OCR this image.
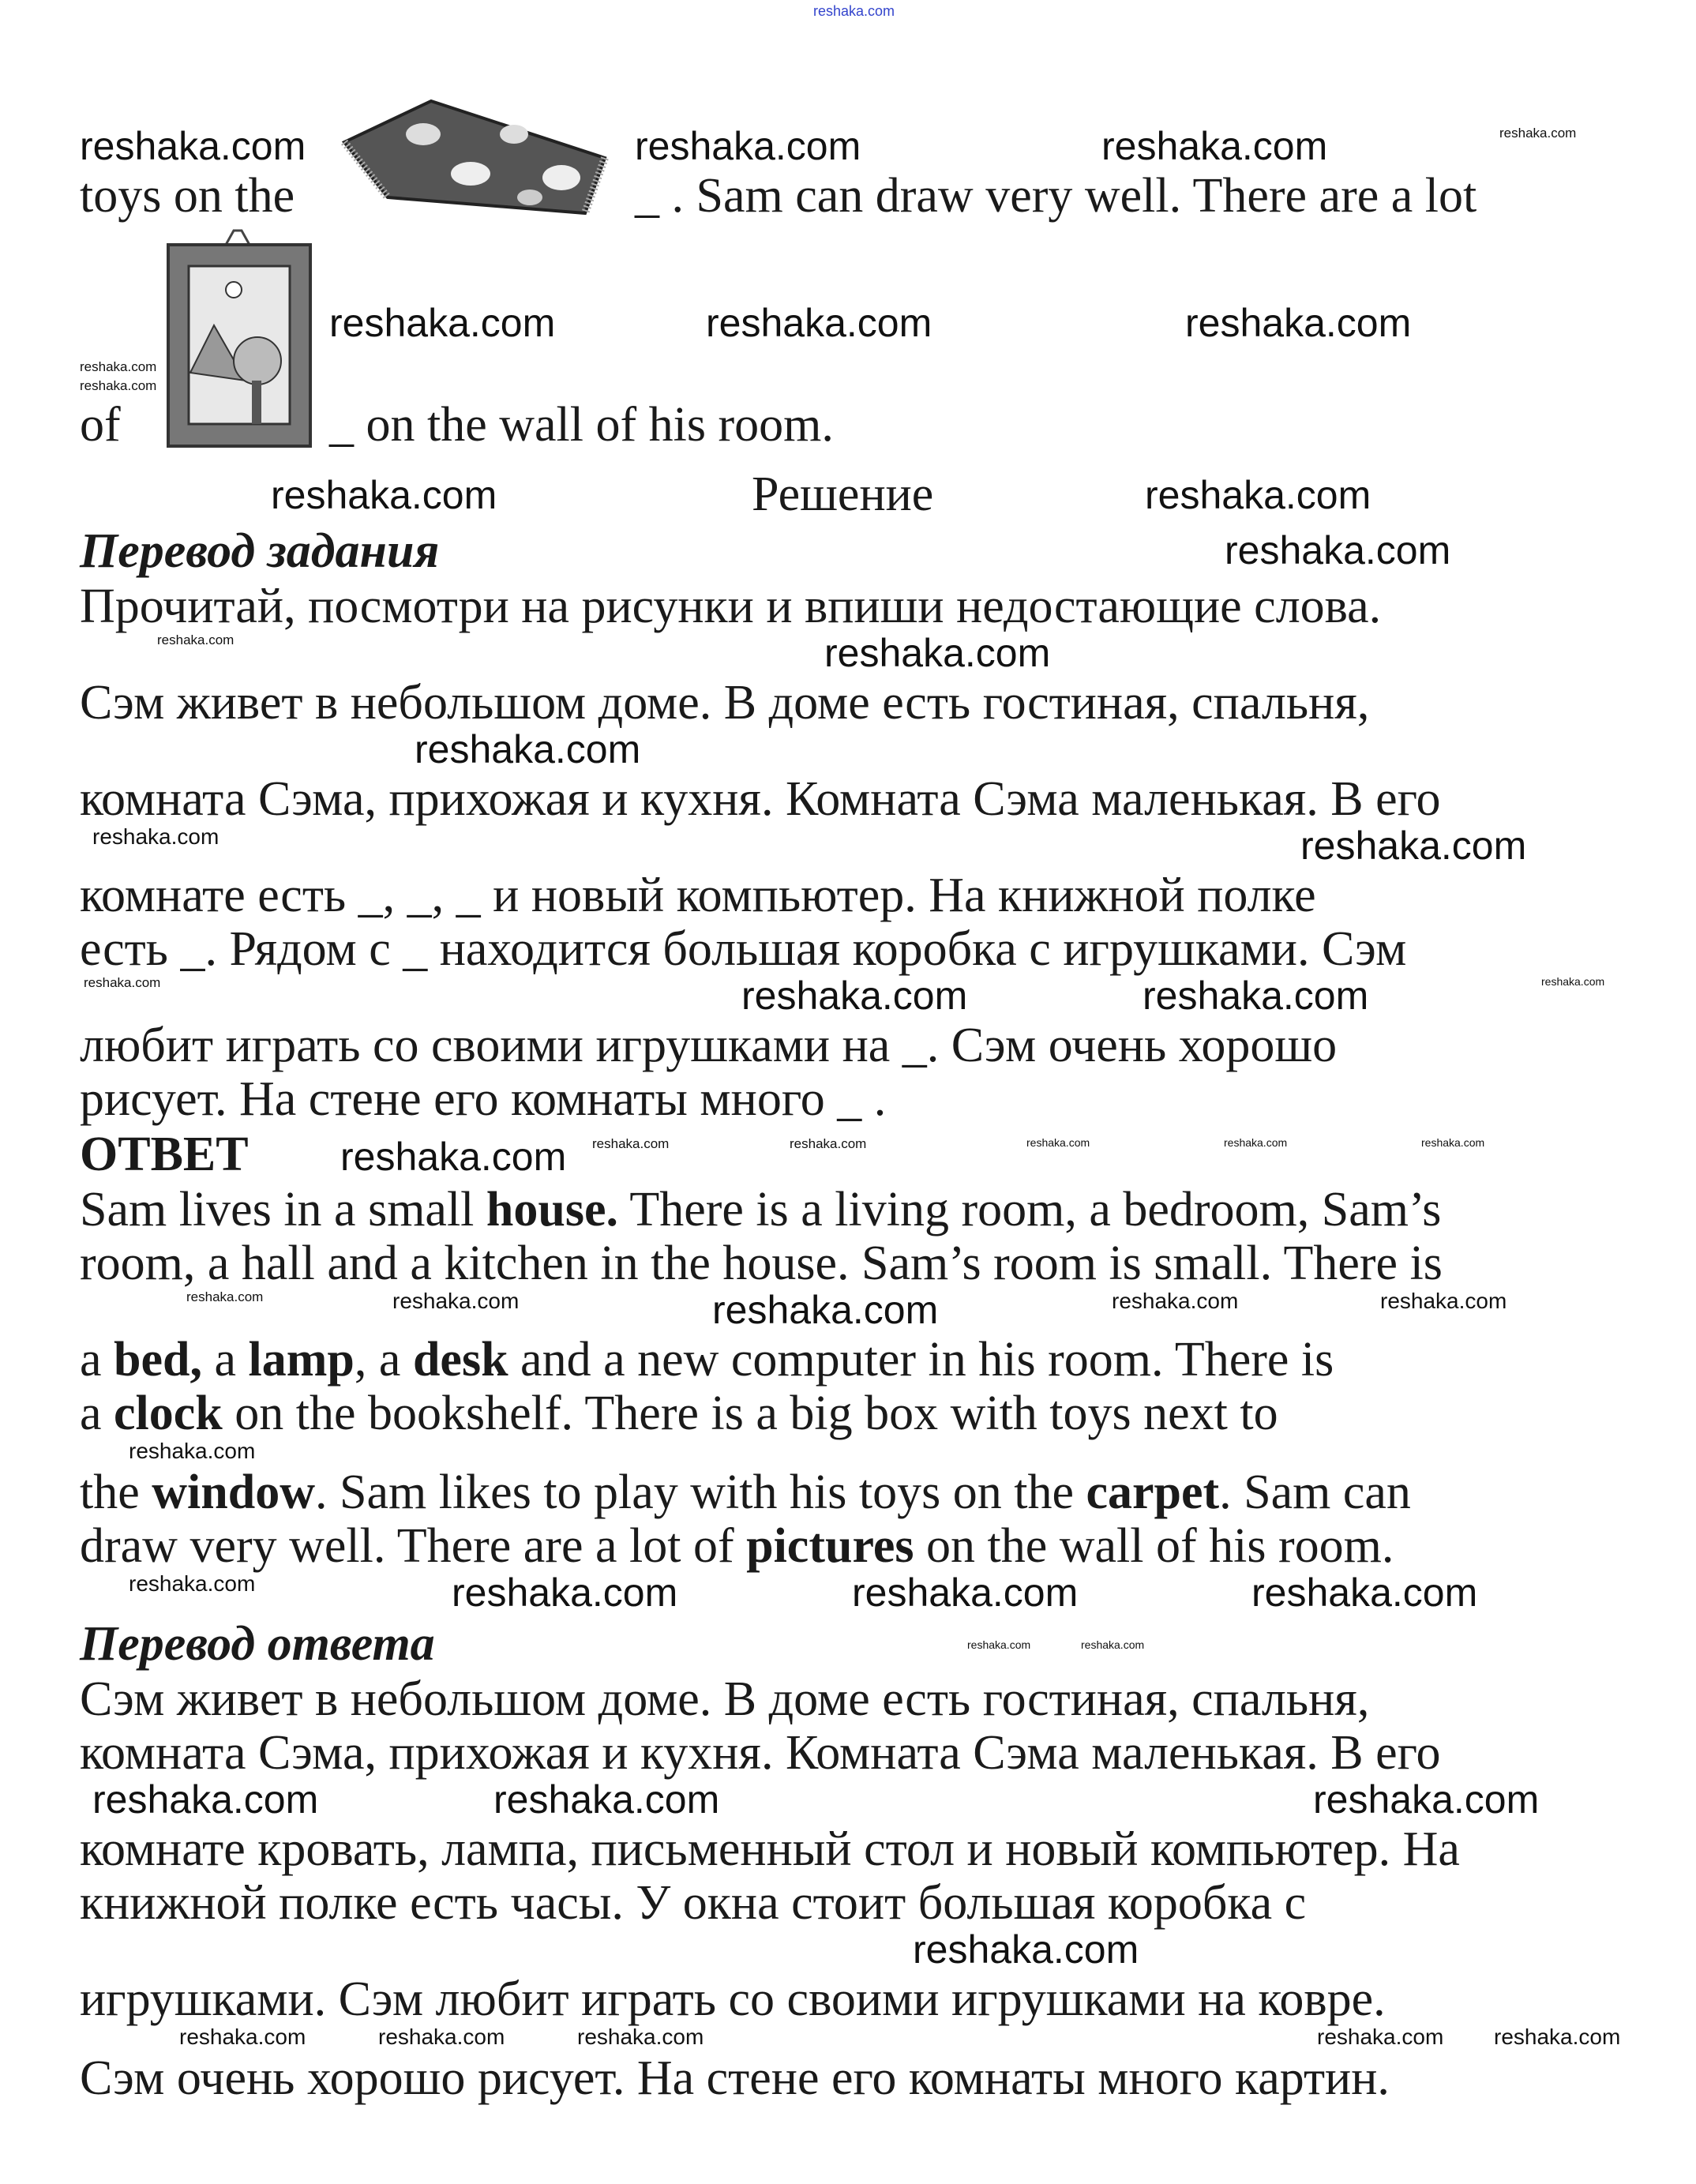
reshaka.com
reshaka.com
toys on the
reshaka.com	reshaka.com	reshaka.com
_ . Sam can draw very well. There are a lot
reshaka.com
reshaka.com
of
reshaka.com	reshaka.com	reshaka.com
_ on the wall of his room.
reshaka.com	reshaka.com
Решение
Перевод задания	reshaka.com
Прочитай, посмотри на рисунки и впиши недостающие слова.
reshaka.com
reshaka.com
Сэм живет в небольшом доме. В доме есть гостиная, спальня,
reshaka.com
комната Сэма, прихожая и кухня. Комната Сэма маленькая. В его
reshaka.com
reshaka.com
комнате есть _, _, _ и новый компьютер. На книжной полке
есть _. Рядом с _ находится большая коробка с игрушками. Сэм
reshaka.com	reshaka.com	reshaka.com	reshaka.com
любит играть со своими игрушками на _. Сэм очень хорошо
рисует. На стене его комнаты много _ .
ОТВЕТ reshaka.com reshaka.com	reshaka.com	reshaka.com	reshaka.com	reshaka.com
Sam lives in a small house. There is a living room, a bedroom, Sam’s
room, a hall and a kitchen in the house. Sam’s room is small. There is
reshaka.com	reshaka.com	reshaka.com	reshaka.com	reshaka.com
a bed, a lamp, a desk and a new computer in his room. There is
a clock on the bookshelf. There is a big box with toys next to
reshaka.com
the window. Sam likes to play with his toys on the carpet. Sam can
draw very well. There are a lot of pictures on the wall of his room.
reshaka.com	reshaka.com	reshaka.com	reshaka.com
Перевод ответа	reshaka.com	reshaka.com
Сэм живет в небольшом доме. В доме есть гостиная, спальня,
комната Сэма, прихожая и кухня. Комната Сэма маленькая. В его
reshaka.com	reshaka.com	reshaka.com
комнате кровать, лампа, письменный стол и новый компьютер. На
книжной полке есть часы. У окна стоит большая коробка с
reshaka.com
игрушками. Сэм любит играть со своими игрушками на ковре.
reshaka.com	reshaka.com	reshaka.com	reshaka.com reshaka.com
Сэм очень хорошо рисует. На стене его комнаты много картин.
